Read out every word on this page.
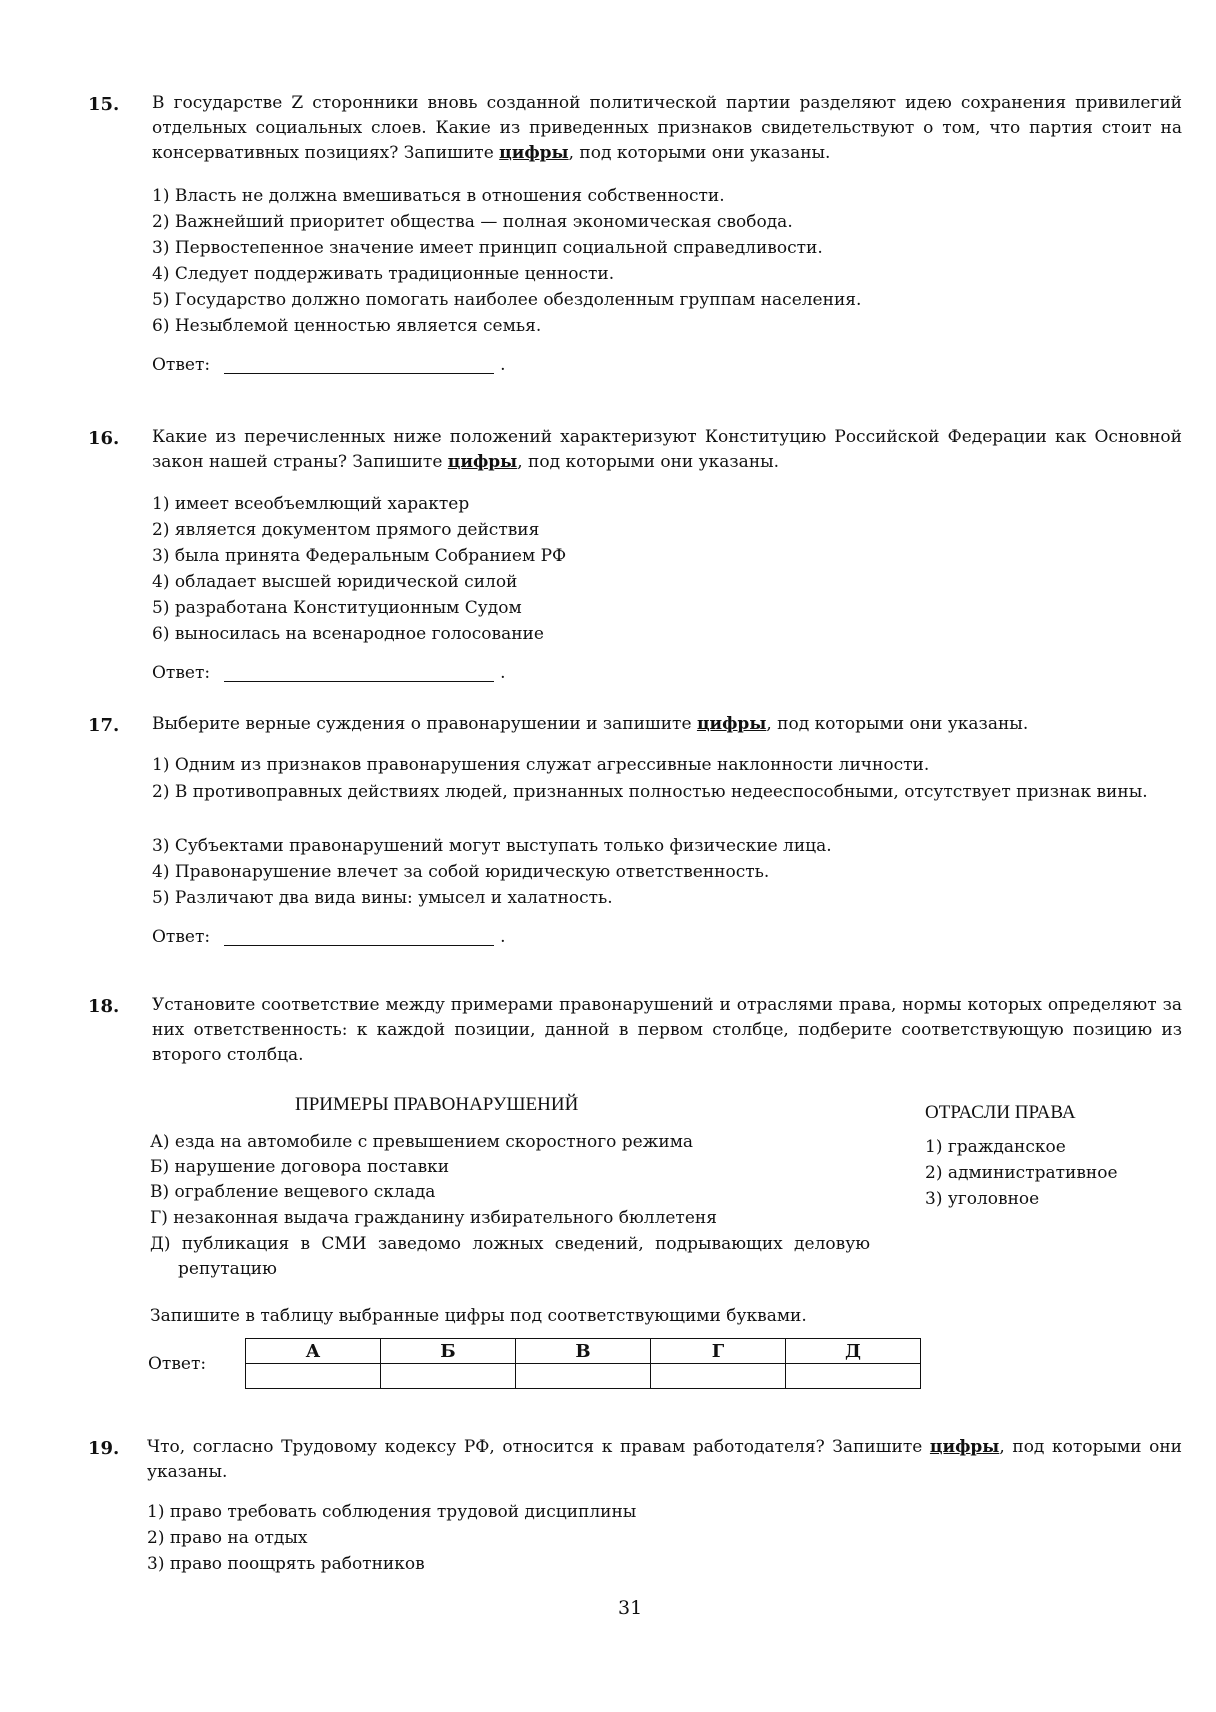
15. В государстве Z сторонники вновь созданной политической партии разделяют идею сохранения привилегий отдельных социальных слоев. Какие из приведенных признаков свидетельствуют о том, что партия стоит на консервативных позициях? Запишите цифры, под которыми они указаны.
1) Власть не должна вмешиваться в отношения собственности.
2) Важнейший приоритет общества — полная экономическая свобода.
3) Первостепенное значение имеет принцип социальной справедливости.
4) Следует поддерживать традиционные ценности.
5) Государство должно помогать наиболее обездоленным группам населения.
6) Незыблемой ценностью является семья.
Ответ:	.
16. Какие из перечисленных ниже положений характеризуют Конституцию Российской Федерации как Основной закон нашей страны? Запишите цифры, под которыми они указаны.
1) имеет всеобъемлющий характер
2) является документом прямого действия
3) была принята Федеральным Собранием РФ
4) обладает высшей юридической силой
5) разработана Конституционным Судом
6) выносилась на всенародное голосование
Ответ:	.
17. Выберите верные суждения о правонарушении и запишите цифры, под которыми они указаны.
1) Одним из признаков правонарушения служат агрессивные наклонности личности.
2) В противоправных действиях людей, признанных полностью недееспособными, отсутствует признак вины.
3) Субъектами правонарушений могут выступать только физические лица.
4) Правонарушение влечет за собой юридическую ответственность.
5) Различают два вида вины: умысел и халатность.
Ответ:	.
18. Установите соответствие между примерами правонарушений и отраслями права, нормы которых определяют за них ответственность: к каждой позиции, данной в первом столбце, подберите соответствующую позицию из второго столбца.
ПРИМЕРЫ ПРАВОНАРУШЕНИЙ	ОТРАСЛИ ПРАВА
А) езда на автомобиле с превышением скоростного режима
Б) нарушение договора поставки
В) ограбление вещевого склада
Г) незаконная выдача гражданину избирательного бюллетеня
Д) публикация в СМИ заведомо ложных сведений, подрывающих деловую репутацию
1) гражданское
2) административное
3) уголовное
Запишите в таблицу выбранные цифры под соответствующими буквами.
Ответ:
А	Б	В	Г	Д

19. Что, согласно Трудовому кодексу РФ, относится к правам работодателя? Запишите цифры, под которыми они указаны.
1) право требовать соблюдения трудовой дисциплины
2) право на отдых
3) право поощрять работников
31
